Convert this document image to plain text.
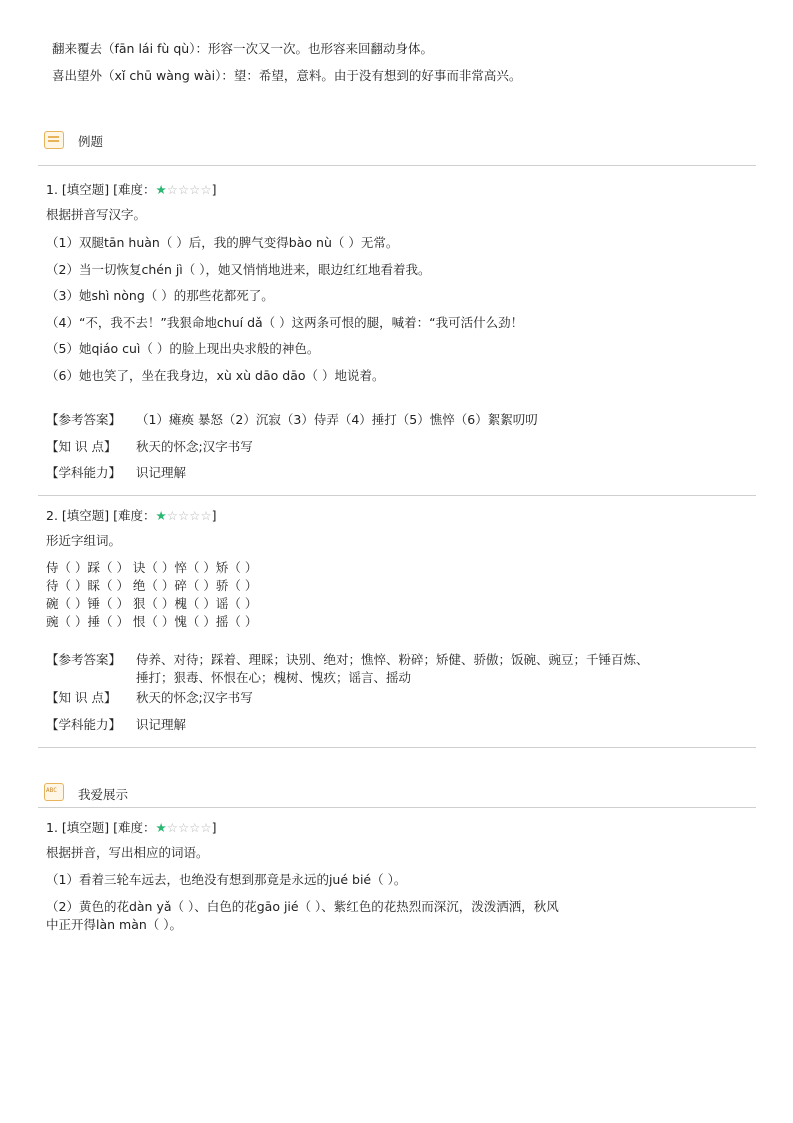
翻来覆去（fān lái fù qù）：形容一次又一次。也形容来回翻动身体。
喜出望外（xǐ chū wàng wài）：望：希望，意料。由于没有想到的好事而非常高兴。
例题
1. [填空题] [难度：★☆☆☆☆]
根据拼音写汉字。
（1）双腿tān huàn（ ）后，我的脾气变得bào nù（ ）无常。
（2）当一切恢复chén jì（ ），她又悄悄地进来，眼边红红地看着我。
（3）她shì nòng（ ）的那些花都死了。
（4）“不，我不去！”我狠命地chuí dǎ（ ）这两条可恨的腿，喊着：“我可活什么劲！
（5）她qiáo cuì（ ）的脸上现出央求般的神色。
（6）她也笑了，坐在我身边，xù xù dāo dāo（ ）地说着。
【参考答案】 （1）瘫痪 暴怒（2）沉寂（3）侍弄（4）捶打（5）憔悴（6）絮絮叨叨
【知 识 点】 秋天的怀念;汉字书写
【学科能力】 识记理解
2. [填空题] [难度：★☆☆☆☆]
形近字组词。
侍（ ）踩（ ） 诀（ ）悴（ ）矫（ ）
待（ ）睬（ ） 绝（ ）碎（ ）骄（ ）
碗（ ）锤（ ） 狠（ ）槐（ ）谣（ ）
豌（ ）捶（ ） 恨（ ）愧（ ）摇（ ）
【参考答案】 侍养、对待；踩着、理睬；诀别、绝对；憔悴、粉碎；矫健、骄傲；饭碗、豌豆；千锤百炼、
捶打；狠毒、怀恨在心；槐树、愧疚；谣言、摇动
【知 识 点】 秋天的怀念;汉字书写
【学科能力】 识记理解
ABC 我爱展示
1. [填空题] [难度：★☆☆☆☆]
根据拼音，写出相应的词语。
（1）看着三轮车远去，也绝没有想到那竟是永远的jué bié（ ）。
（2）黄色的花dàn yǎ（ ）、白色的花gāo jié（ ）、紫红色的花热烈而深沉，泼泼洒洒，秋风
中正开得làn màn（ ）。
